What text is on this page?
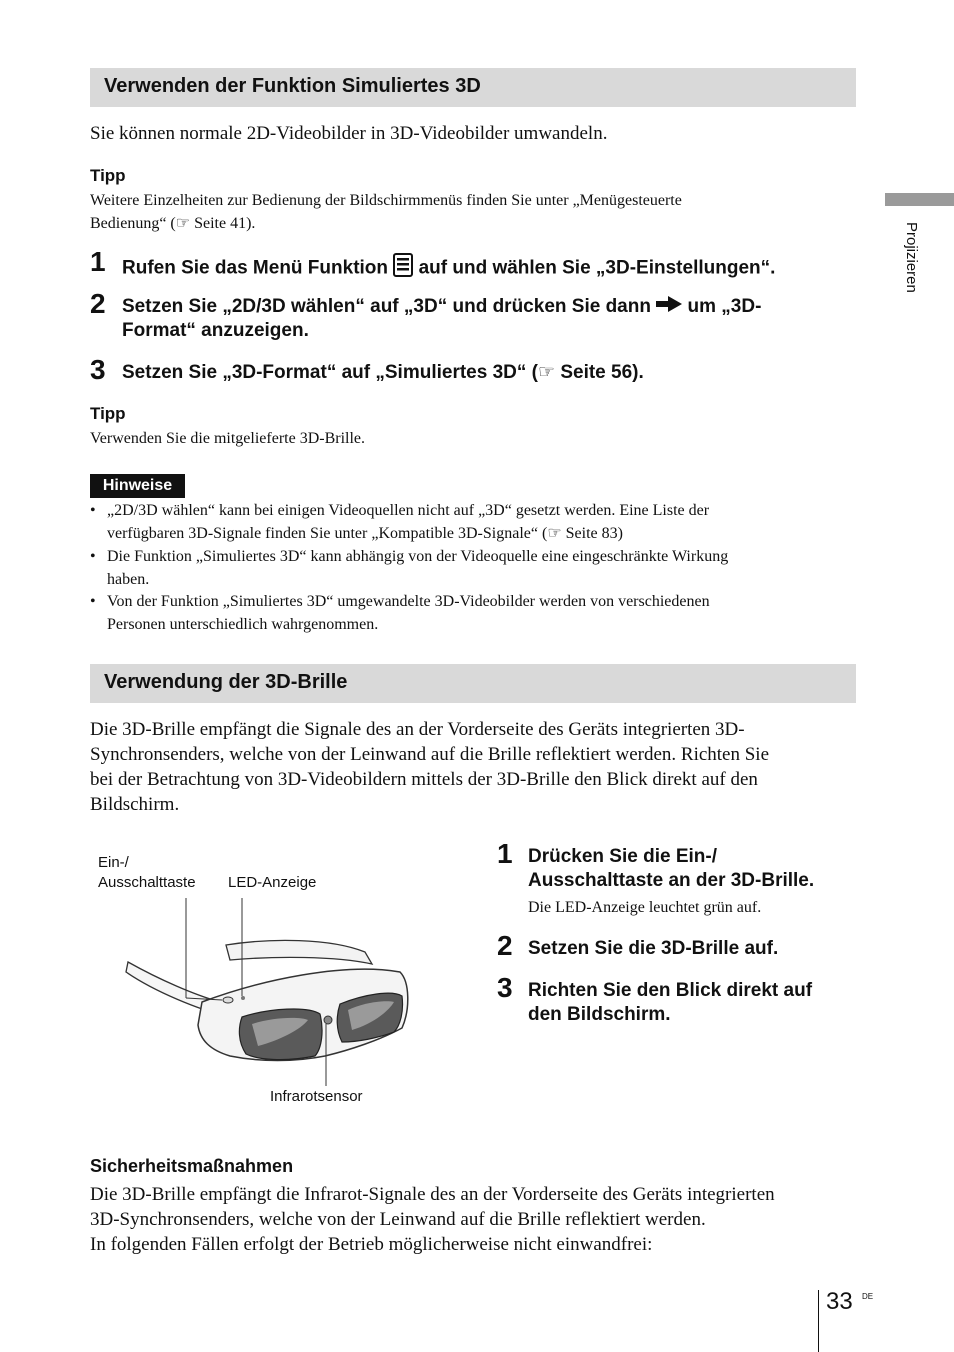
Verwenden der Funktion Simuliertes 3D
Sie können normale 2D-Videobilder in 3D-Videobilder umwandeln.
Tipp
Weitere Einzelheiten zur Bedienung der Bildschirmmenüs finden Sie unter „Menügesteuerte
Bedienung“ (☞ Seite 41).
1 Rufen Sie das Menü Funktion  auf und wählen Sie „3D-Einstellungen“.
2 Setzen Sie „2D/3D wählen“ auf „3D“ und drücken Sie dann  um „3D-
Format“ anzuzeigen.
3 Setzen Sie „3D-Format“ auf „Simuliertes 3D“ (☞ Seite 56).
Tipp
Verwenden Sie die mitgelieferte 3D-Brille.
Hinweise
• „2D/3D wählen“ kann bei einigen Videoquellen nicht auf „3D“ gesetzt werden. Eine Liste der
verfügbaren 3D-Signale finden Sie unter „Kompatible 3D-Signale“ (☞ Seite 83)
• Die Funktion „Simuliertes 3D“ kann abhängig von der Videoquelle eine eingeschränkte Wirkung
haben.
• Von der Funktion „Simuliertes 3D“ umgewandelte 3D-Videobilder werden von verschiedenen
Personen unterschiedlich wahrgenommen.
Verwendung der 3D-Brille
Die 3D-Brille empfängt die Signale des an der Vorderseite des Geräts integrierten 3D-
Synchronsenders, welche von der Leinwand auf die Brille reflektiert werden. Richten Sie
bei der Betrachtung von 3D-Videobildern mittels der 3D-Brille den Blick direkt auf den
Bildschirm.
Ein-/
Ausschalttaste LED-Anzeige
Infrarotsensor
1 Drücken Sie die Ein-/
Ausschalttaste an der 3D-Brille.
Die LED-Anzeige leuchtet grün auf.
2 Setzen Sie die 3D-Brille auf.
3 Richten Sie den Blick direkt auf
den Bildschirm.
Sicherheitsmaßnahmen
Die 3D-Brille empfängt die Infrarot-Signale des an der Vorderseite des Geräts integrierten
3D-Synchronsenders, welche von der Leinwand auf die Brille reflektiert werden.
In folgenden Fällen erfolgt der Betrieb möglicherweise nicht einwandfrei:
Projizieren
33 DE
